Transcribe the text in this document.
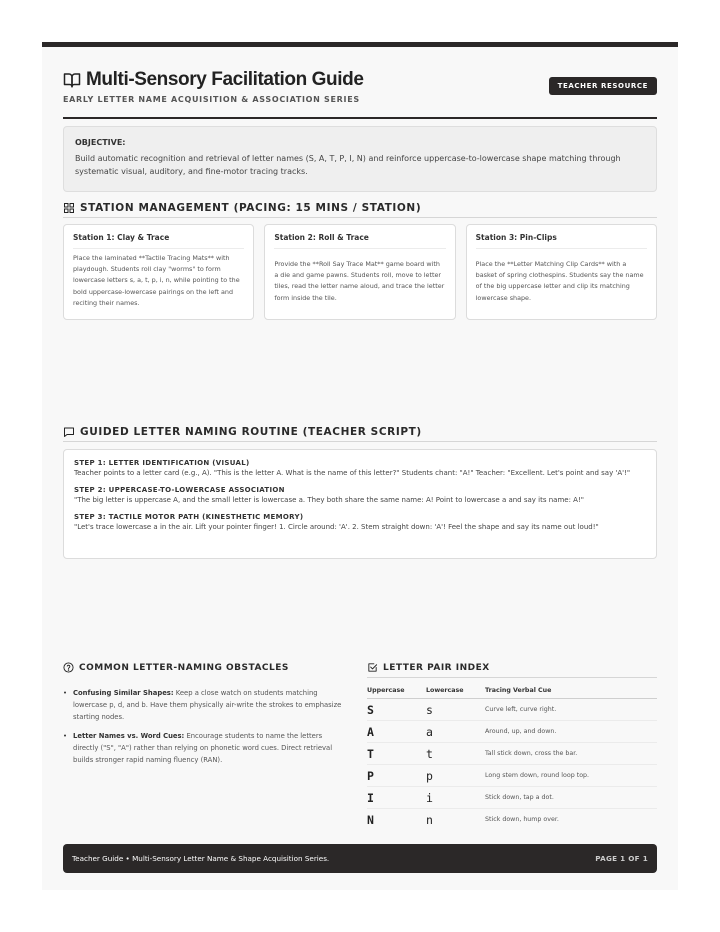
Multi-Sensory Facilitation Guide
EARLY LETTER NAME ACQUISITION & ASSOCIATION SERIES
TEACHER RESOURCE
OBJECTIVE:
Build automatic recognition and retrieval of letter names (S, A, T, P, I, N) and reinforce uppercase-to-lowercase shape matching through systematic visual, auditory, and fine-motor tracing tracks.
STATION MANAGEMENT (PACING: 15 MINS / STATION)
Station 1: Clay & Trace

Place the laminated **Tactile Tracing Mats** with playdough. Students roll clay "worms" to form lowercase letters s, a, t, p, i, n, while pointing to the bold uppercase-lowercase pairings on the left and reciting their names.

Station 2: Roll & Trace

Provide the **Roll Say Trace Mat** game board with a die and game pawns. Students roll, move to letter tiles, read the letter name aloud, and trace the letter form inside the tile.

Station 3: Pin-Clips

Place the **Letter Matching Clip Cards** with a basket of spring clothespins. Students say the name of the big uppercase letter and clip its matching lowercase shape.

GUIDED LETTER NAMING ROUTINE (TEACHER SCRIPT)
STEP 1: LETTER IDENTIFICATION (VISUAL)
Teacher points to a letter card (e.g., A). "This is the letter A. What is the name of this letter?" Students chant: "A!" Teacher: "Excellent. Let's point and say 'A'!"
STEP 2: UPPERCASE-TO-LOWERCASE ASSOCIATION
"The big letter is uppercase A, and the small letter is lowercase a. They both share the same name: A! Point to lowercase a and say its name: A!"
STEP 3: TACTILE MOTOR PATH (KINESTHETIC MEMORY)
"Let's trace lowercase a in the air. Lift your pointer finger! 1. Circle around: 'A'. 2. Stem straight down: 'A'! Feel the shape and say its name out loud!"
COMMON LETTER-NAMING OBSTACLES
• Confusing Similar Shapes: Keep a close watch on students matching lowercase p, d, and b. Have them physically air-write the strokes to emphasize starting nodes.
• Letter Names vs. Word Cues: Encourage students to name the letters directly ("S", "A") rather than relying on phonetic word cues. Direct retrieval builds stronger rapid naming fluency (RAN).
LETTER PAIR INDEX
Uppercase	Lowercase	Tracing Verbal Cue
S	s	Curve left, curve right.
A	a	Around, up, and down.
T	t	Tall stick down, cross the bar.
P	p	Long stem down, round loop top.
I	i	Stick down, tap a dot.
N	n	Stick down, hump over.
Teacher Guide • Multi-Sensory Letter Name & Shape Acquisition Series.	PAGE 1 OF 1
